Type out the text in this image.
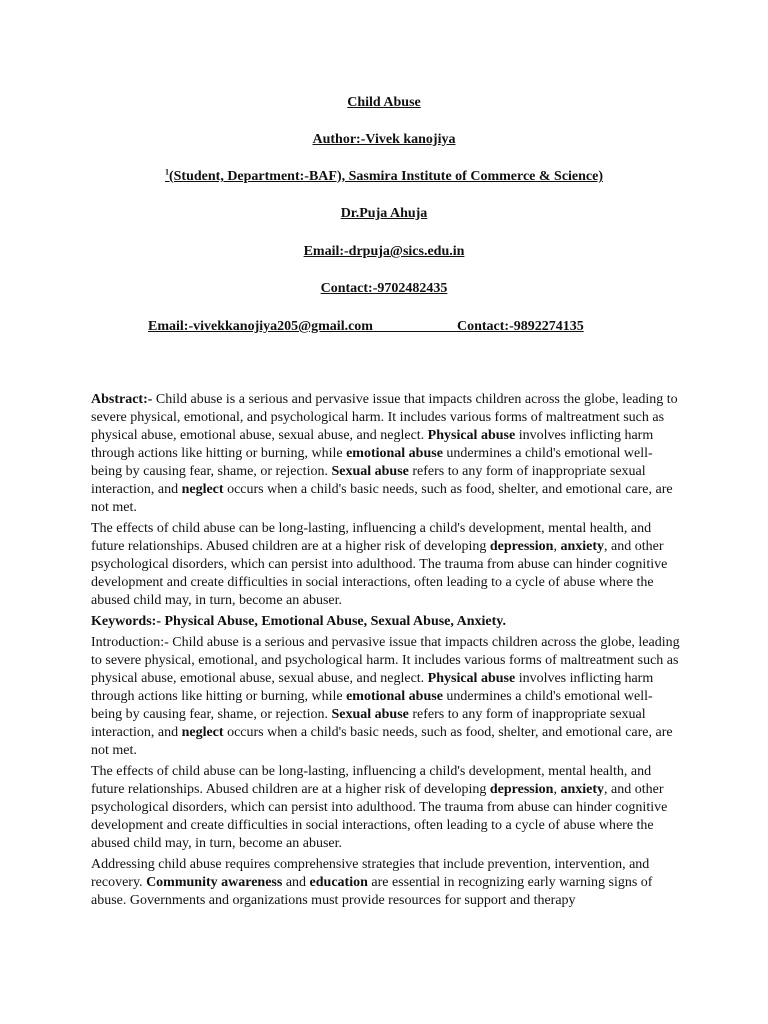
Child Abuse
Author:-Vivek kanojiya
$^1$(Student, Department:-BAF), Sasmira Institute of Commerce & Science)
Dr.Puja Ahuja
Email:-drpuja@sics.edu.in
Contact:-9702482435
Email:-vivekkanojiya205@gmail.com	Contact:-9892274135

Abstract:- Child abuse is a serious and pervasive issue that impacts children across the globe, leading to severe physical, emotional, and psychological harm. It includes various forms of maltreatment such as physical abuse, emotional abuse, sexual abuse, and neglect. Physical abuse involves inflicting harm through actions like hitting or burning, while emotional abuse undermines a child's emotional well-being by causing fear, shame, or rejection. Sexual abuse refers to any form of inappropriate sexual interaction, and neglect occurs when a child's basic needs, such as food, shelter, and emotional care, are not met.

The effects of child abuse can be long-lasting, influencing a child's development, mental health, and future relationships. Abused children are at a higher risk of developing depression, anxiety, and other psychological disorders, which can persist into adulthood. The trauma from abuse can hinder cognitive development and create difficulties in social interactions, often leading to a cycle of abuse where the abused child may, in turn, become an abuser.

Keywords:- Physical Abuse, Emotional Abuse, Sexual Abuse, Anxiety.

Introduction:- Child abuse is a serious and pervasive issue that impacts children across the globe, leading to severe physical, emotional, and psychological harm. It includes various forms of maltreatment such as physical abuse, emotional abuse, sexual abuse, and neglect. Physical abuse involves inflicting harm through actions like hitting or burning, while emotional abuse undermines a child's emotional well-being by causing fear, shame, or rejection. Sexual abuse refers to any form of inappropriate sexual interaction, and neglect occurs when a child's basic needs, such as food, shelter, and emotional care, are not met.

The effects of child abuse can be long-lasting, influencing a child's development, mental health, and future relationships. Abused children are at a higher risk of developing depression, anxiety, and other psychological disorders, which can persist into adulthood. The trauma from abuse can hinder cognitive development and create difficulties in social interactions, often leading to a cycle of abuse where the abused child may, in turn, become an abuser.

Addressing child abuse requires comprehensive strategies that include prevention, intervention, and recovery. Community awareness and education are essential in recognizing early warning signs of abuse. Governments and organizations must provide resources for support and therapy
